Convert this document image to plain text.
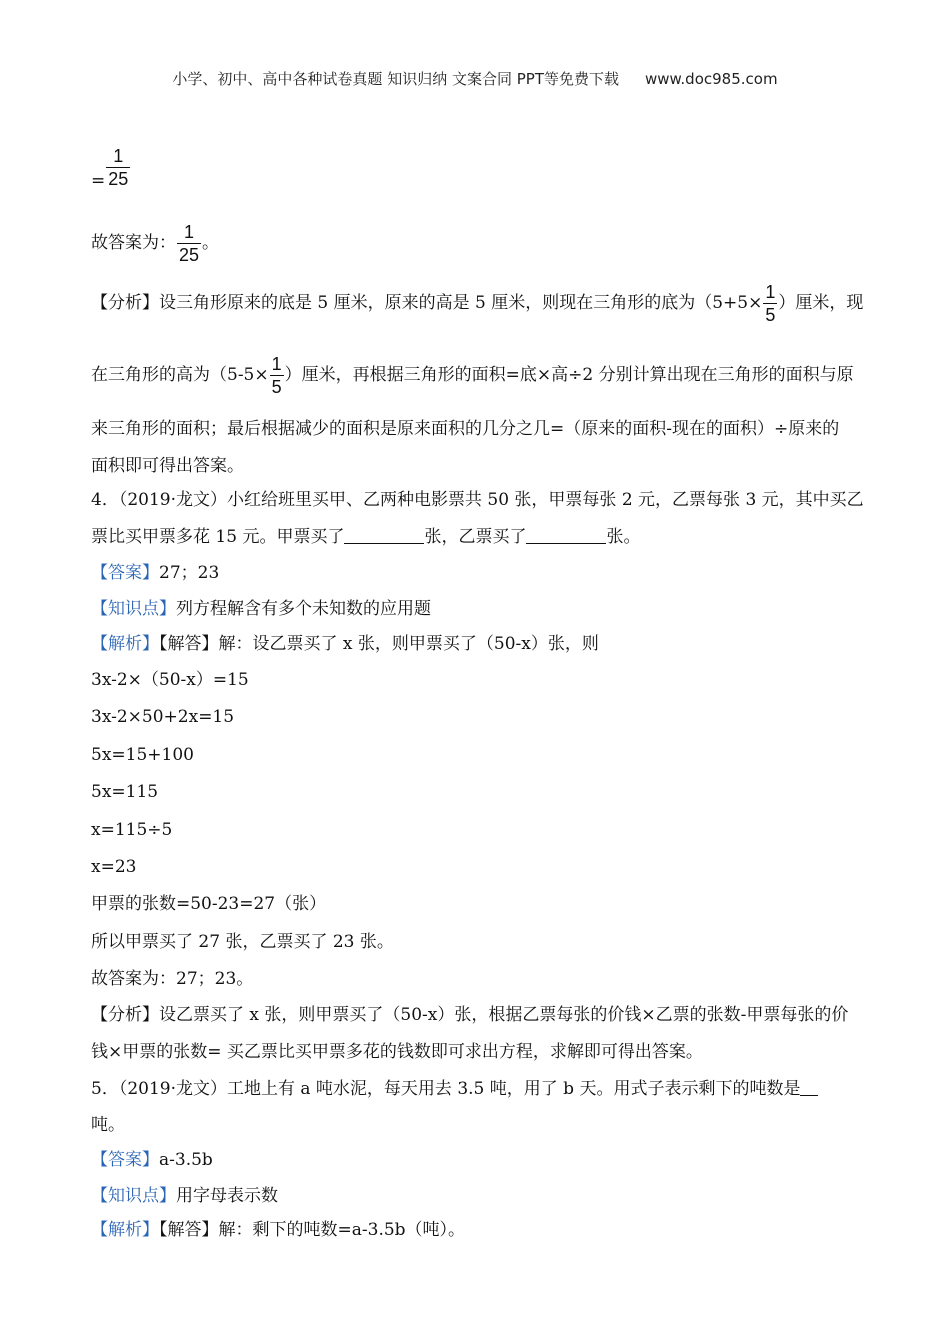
小学、初中、高中各种试卷真题 知识归纳 文案合同 PPT等免费下载 www.doc985.com
= $\frac{1}{25}$
故答案为： $\frac{1}{25}$ 。
【分析】设三角形原来的底是 5 厘米，原来的高是 5 厘米，则现在三角形的底为（$5+5\times \frac{1}{5}$ ）厘米，现
在三角形的高为（$5-5\times \frac{1}{5}$ ）厘米，再根据三角形的面积=底×高÷2 分别计算出现在三角形的面积与原
来三角形的面积；最后根据减少的面积是原来面积的几分之几=（原来的面积-现在的面积）÷原来的
面积即可得出答案。
4．（2019·龙文）小红给班里买甲、乙两种电影票共 50 张，甲票每张 2 元，乙票每张 3 元，其中买乙
票比买甲票多花 15 元。甲票买了	张，乙票买了	张。
【答案】27；23
【知识点】列方程解含有多个未知数的应用题
【解析】【解答】解：设乙票买了 x 张，则甲票买了（50-x）张，则
3x-2×（50-x）=15
3x-2×50+2x=15
5x=15+100
5x=115
x=115÷5
x=23
甲票的张数=50-23=27（张）
所以甲票买了 27 张，乙票买了 23 张。
故答案为：27；23。
【分析】设乙票买了 x 张，则甲票买了（50-x）张，根据乙票每张的价钱×乙票的张数-甲票每张的价
钱×甲票的张数= 买乙票比买甲票多花的钱数即可求出方程，求解即可得出答案。
5．（2019·龙文）工地上有 a 吨水泥，每天用去 3.5 吨，用了 b 天。用式子表示剩下的吨数是
吨。
【答案】a-3.5b
【知识点】用字母表示数
【解析】【解答】解：剩下的吨数=a-3.5b（吨）。
